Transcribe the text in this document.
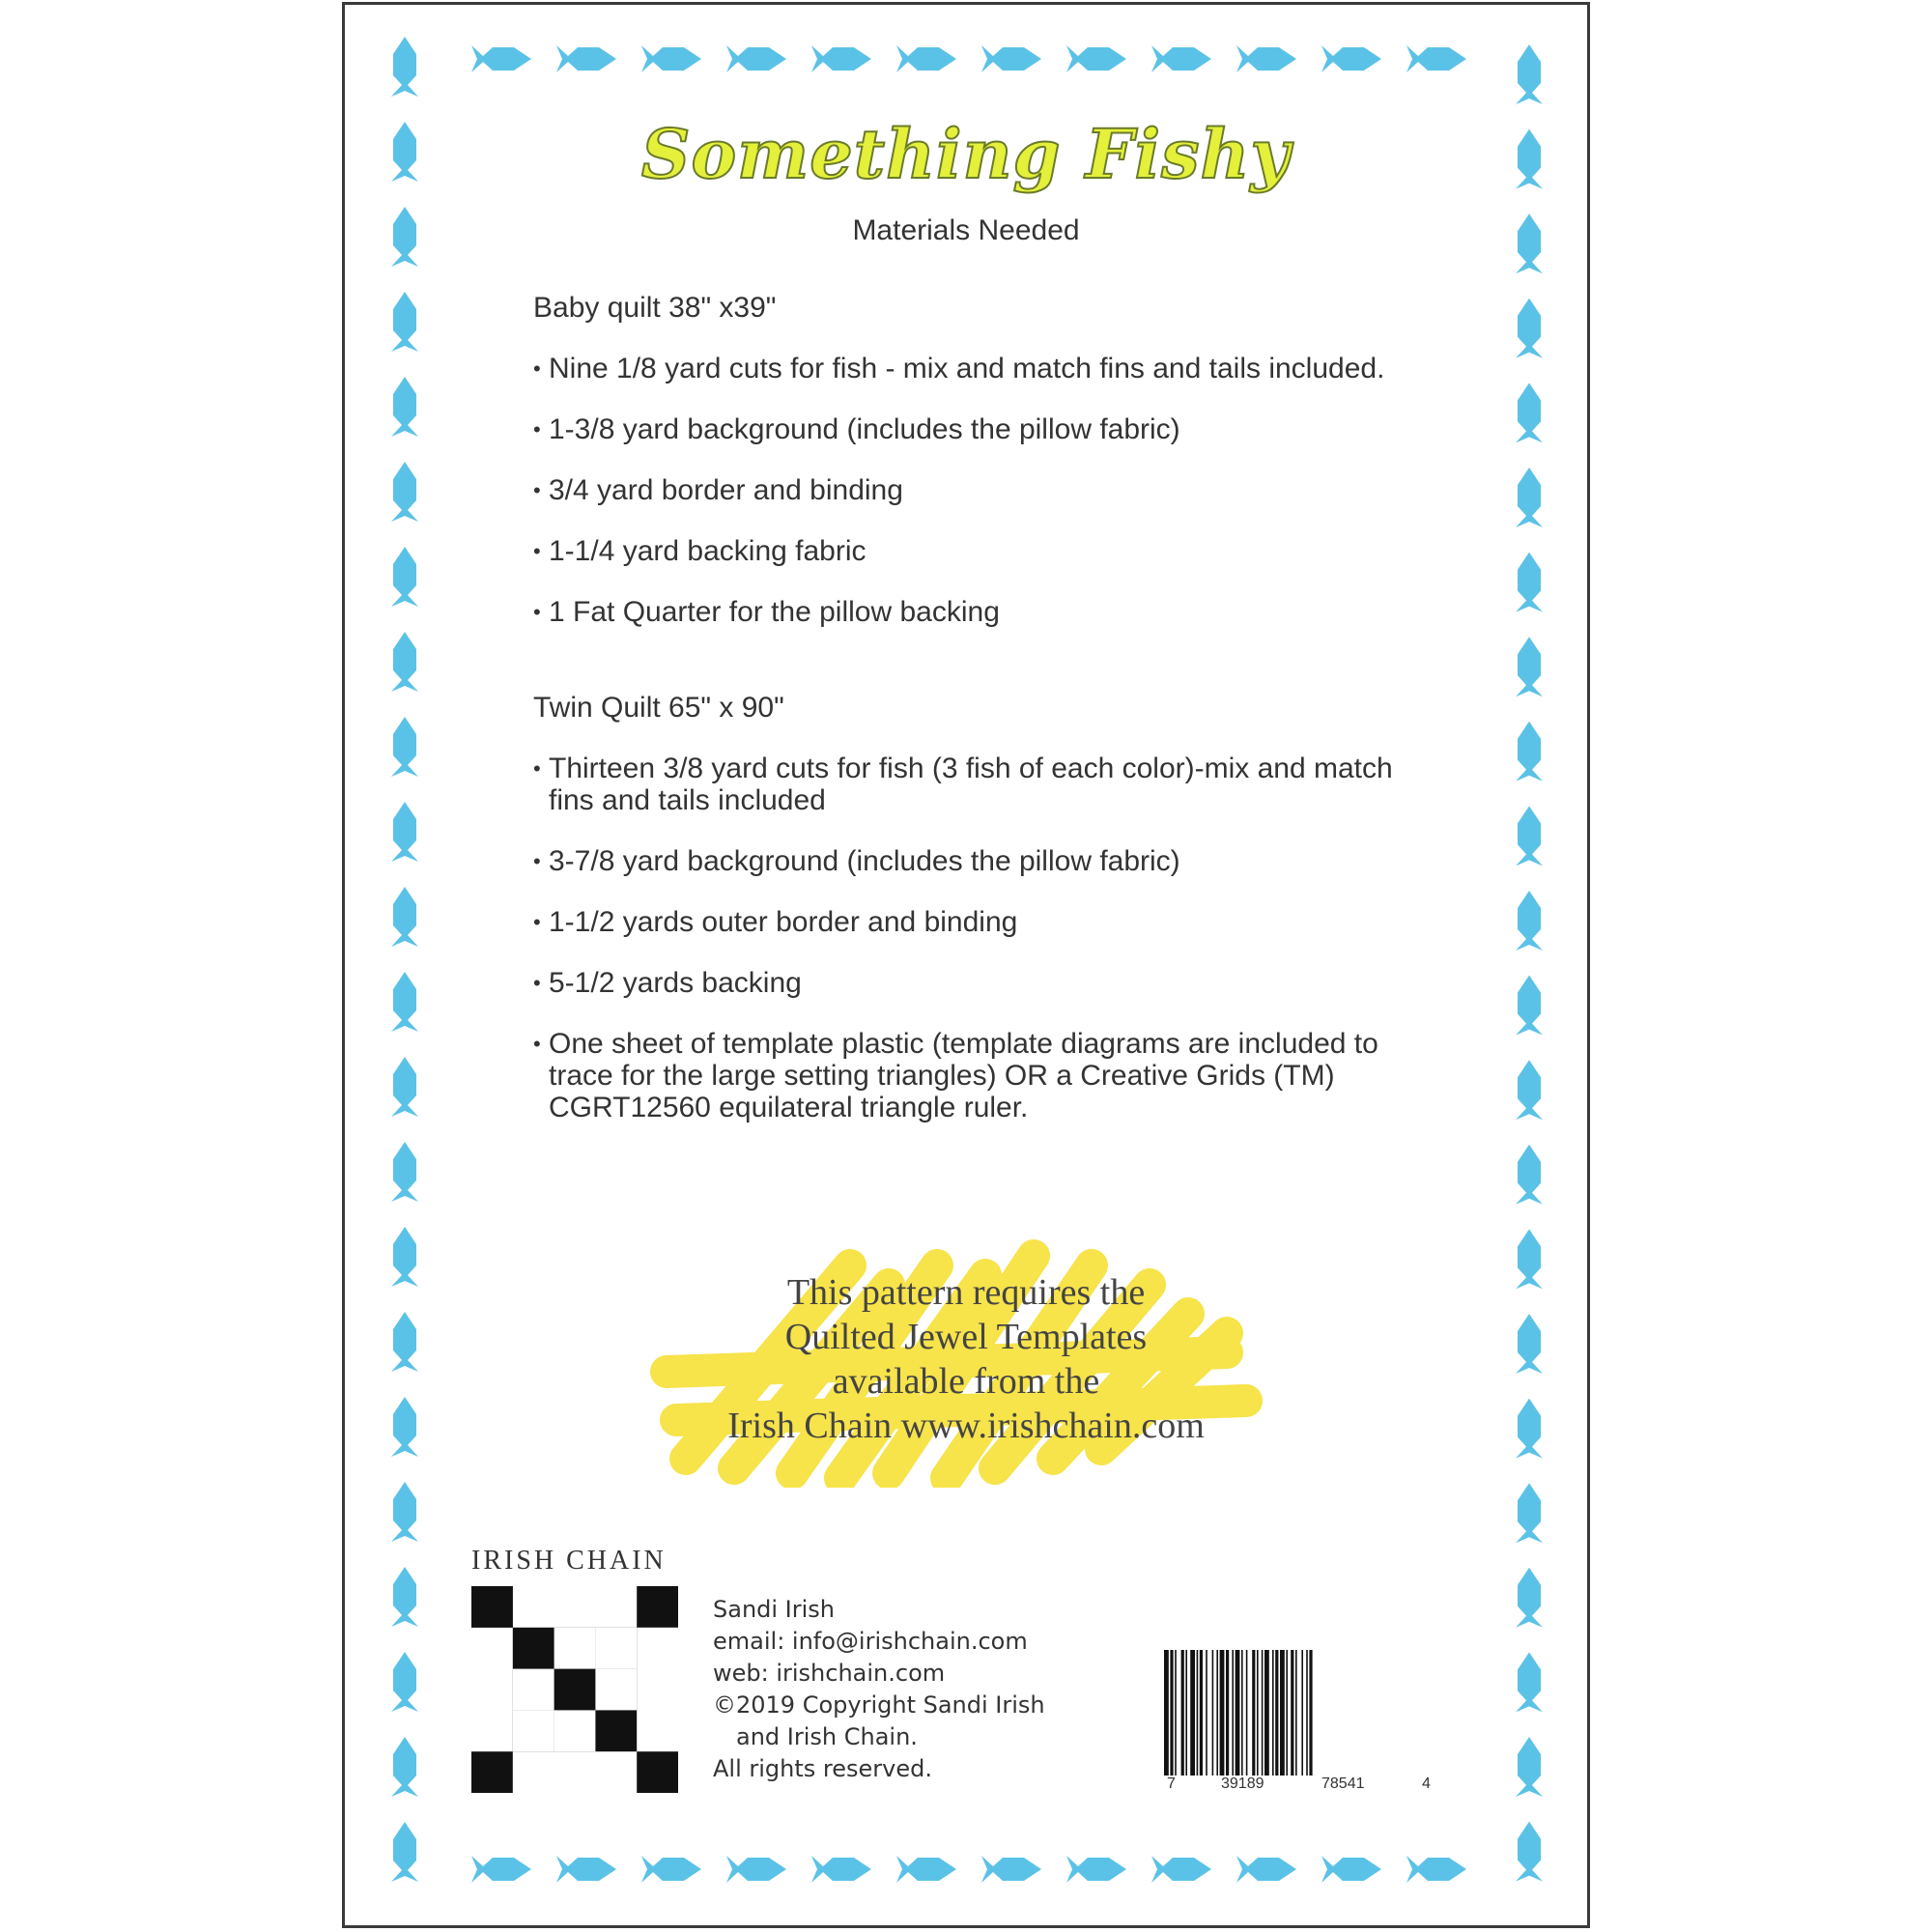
Something Fishy
Materials Needed
Baby quilt 38" x39"
• Nine 1/8 yard cuts for fish - mix and match fins and tails included.
• 1-3/8 yard background (includes the pillow fabric)
• 3/4 yard border and binding
• 1-1/4 yard backing fabric
• 1 Fat Quarter for the pillow backing
Twin Quilt 65" x 90"
• Thirteen 3/8 yard cuts for fish (3 fish of each color)-mix and match fins and tails included
• 3-7/8 yard background (includes the pillow fabric)
• 1-1/2 yards outer border and binding
• 5-1/2 yards backing
• One sheet of template plastic (template diagrams are included to trace for the large setting triangles) OR a Creative Grids (TM) CGRT12560 equilateral triangle ruler.
This pattern requires the
Quilted Jewel Templates
available from the
Irish Chain www.irishchain.com
IRISH CHAIN
Sandi Irish
email: info@irishchain.com
web: irishchain.com
©2019 Copyright Sandi Irish
and Irish Chain.
All rights reserved.
7	39189	78541	4
